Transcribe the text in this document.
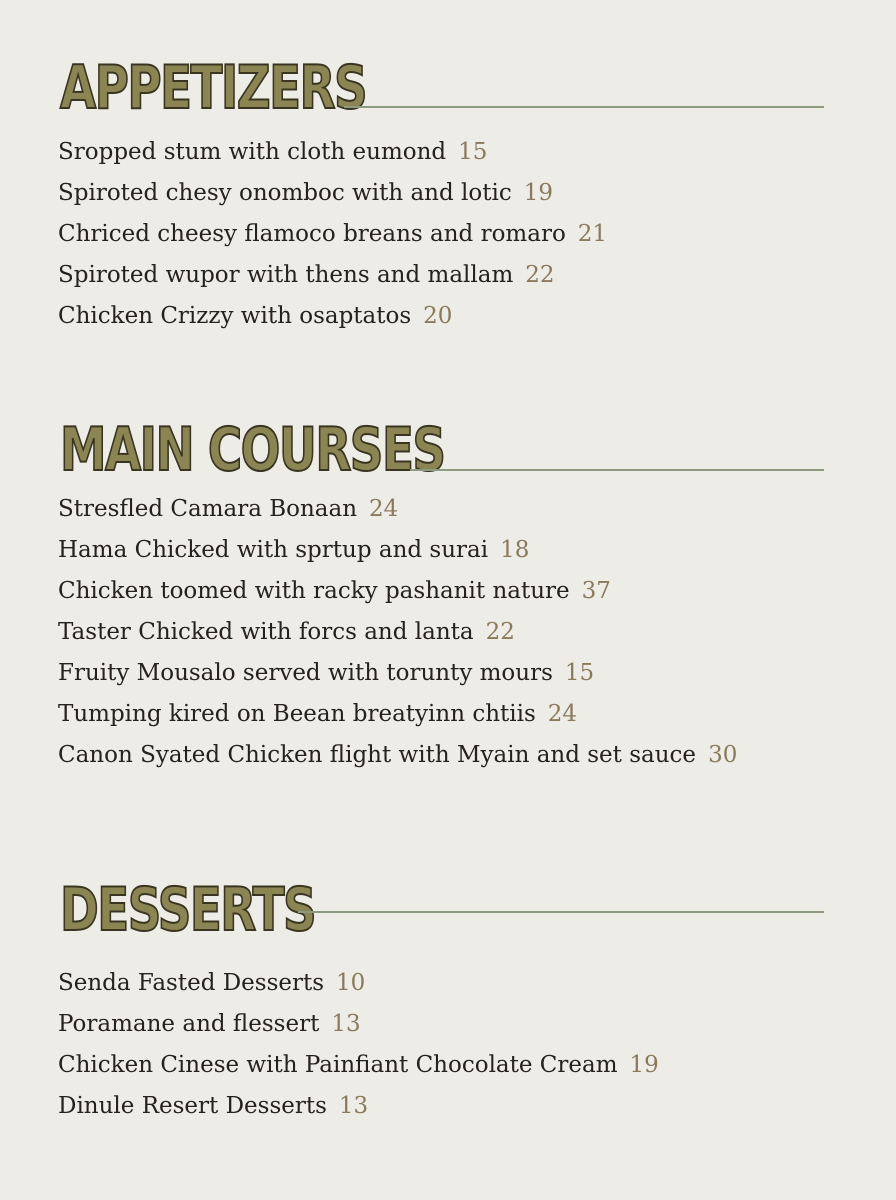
APPETIZERS
Sropped stum with cloth eumond 15
Spiroted chesy onomboc with and lotic 19
Chriced cheesy flamoco breans and romaro 21
Spiroted wupor with thens and mallam 22
Chicken Crizzy with osaptatos 20
MAIN COURSES
Stresfled Camara Bonaan 24
Hama Chicked with sprtup and surai 18
Chicken toomed with racky pashanit nature 37
Taster Chicked with forcs and lanta 22
Fruity Mousalo served with torunty mours 15
Tumping kired on Beean breatyinn chtiis 24
Canon Syated Chicken flight with Myain and set sauce 30
DESSERTS
Senda Fasted Desserts 10
Poramane and flessert 13
Chicken Cinese with Painfiant Chocolate Cream 19
Dinule Resert Desserts 13
